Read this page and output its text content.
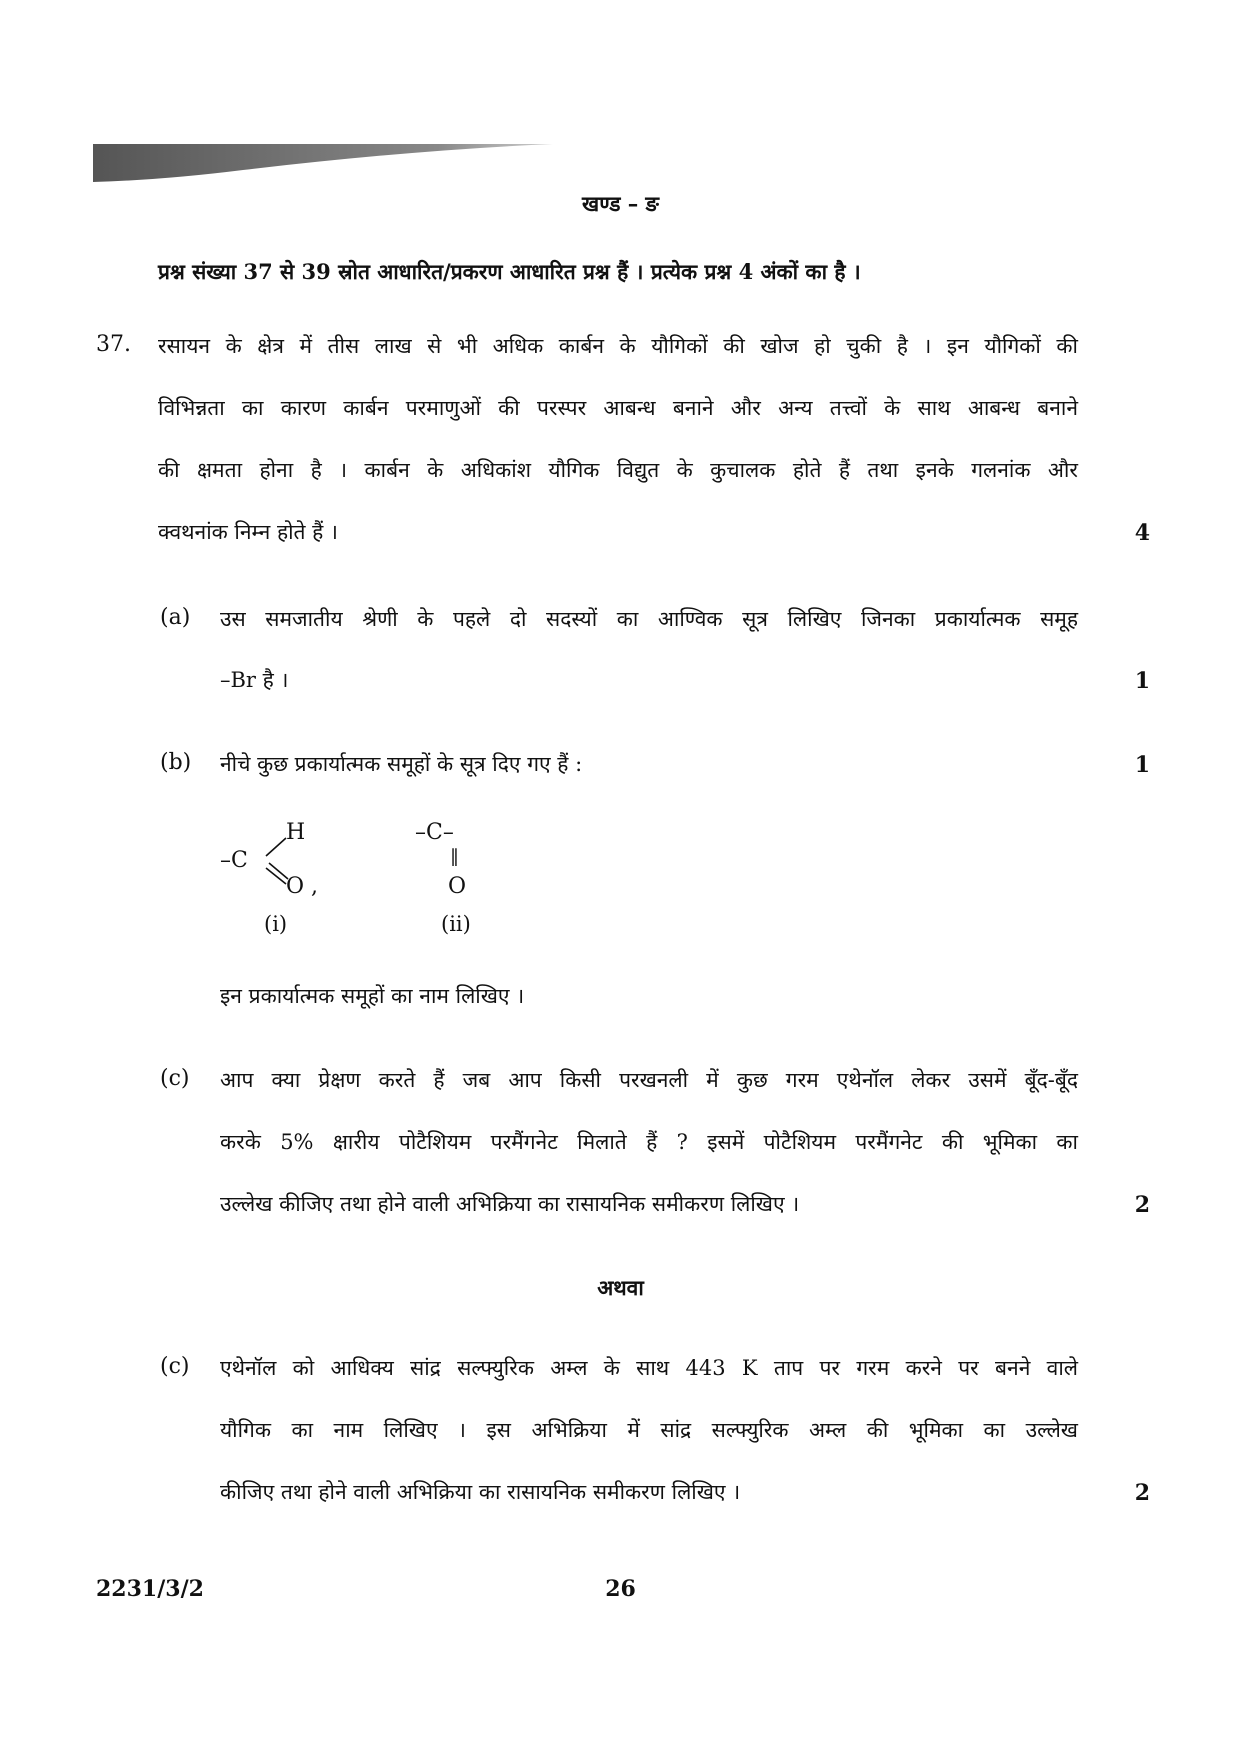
खण्ड – ङ
प्रश्न संख्या 37 से 39 स्रोत आधारित/प्रकरण आधारित प्रश्न हैं । प्रत्येक प्रश्न 4 अंकों का है ।
37. रसायन के क्षेत्र में तीस लाख से भी अधिक कार्बन के यौगिकों की खोज हो चुकी है । इन यौगिकों की
विभिन्नता का कारण कार्बन परमाणुओं की परस्पर आबन्ध बनाने और अन्य तत्त्वों के साथ आबन्ध बनाने
की क्षमता होना है । कार्बन के अधिकांश यौगिक विद्युत के कुचालक होते हैं तथा इनके गलनांक और
क्वथनांक निम्न होते हैं ।	4
(a) उस समजातीय श्रेणी के पहले दो सदस्यों का आण्विक सूत्र लिखिए जिनका प्रकार्यात्मक समूह
–Br है ।	1
(b) नीचे कुछ प्रकार्यात्मक समूहों के सूत्र दिए गए हैं :	1
–C
H
O ,
(i)
–C–
‖
O
(ii)
इन प्रकार्यात्मक समूहों का नाम लिखिए ।
(c) आप क्या प्रेक्षण करते हैं जब आप किसी परखनली में कुछ गरम एथेनॉल लेकर उसमें बूँद-बूँद
करके 5% क्षारीय पोटैशियम परमैंगनेट मिलाते हैं ? इसमें पोटैशियम परमैंगनेट की भूमिका का
उल्लेख कीजिए तथा होने वाली अभिक्रिया का रासायनिक समीकरण लिखिए ।	2
अथवा
(c) एथेनॉल को आधिक्य सांद्र सल्फ्युरिक अम्ल के साथ 443 K ताप पर गरम करने पर बनने वाले
यौगिक का नाम लिखिए । इस अभिक्रिया में सांद्र सल्फ्युरिक अम्ल की भूमिका का उल्लेख
कीजिए तथा होने वाली अभिक्रिया का रासायनिक समीकरण लिखिए ।	2
2231/3/2	26
